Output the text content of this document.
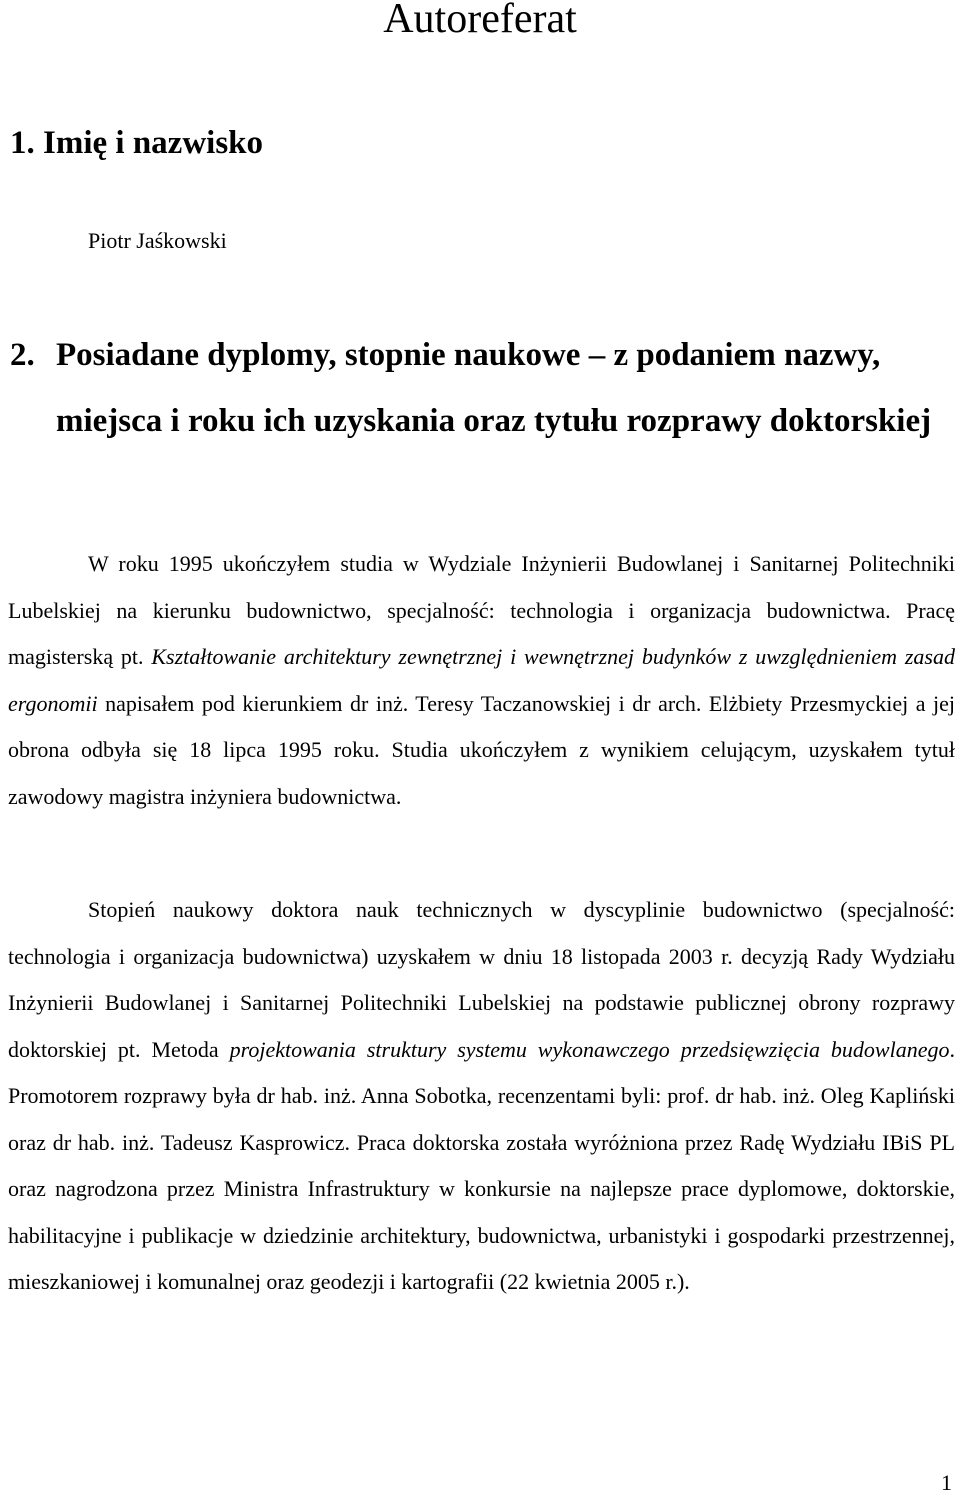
Autoreferat
1. Imię i nazwisko
Piotr Jaśkowski
2. Posiadane dyplomy, stopnie naukowe – z podaniem nazwy, miejsca i roku ich uzyskania oraz tytułu rozprawy doktorskiej

W roku 1995 ukończyłem studia w Wydziale Inżynierii Budowlanej i Sanitarnej Politechniki Lubelskiej na kierunku budownictwo, specjalność: technologia i organizacja budownictwa. Pracę magisterską pt. Kształtowanie architektury zewnętrznej i wewnętrznej budynków z uwzględnieniem zasad ergonomii napisałem pod kierunkiem dr inż. Teresy Taczanowskiej i dr arch. Elżbiety Przesmyckiej a jej obrona odbyła się 18 lipca 1995 roku. Studia ukończyłem z wynikiem celującym, uzyskałem tytuł zawodowy magistra inżyniera budownictwa.

Stopień naukowy doktora nauk technicznych w dyscyplinie budownictwo (specjalność: technologia i organizacja budownictwa) uzyskałem w dniu 18 listopada 2003 r. decyzją Rady Wydziału Inżynierii Budowlanej i Sanitarnej Politechniki Lubelskiej na podstawie publicznej obrony rozprawy doktorskiej pt. Metoda projektowania struktury systemu wykonawczego przedsięwzięcia budowlanego. Promotorem rozprawy była dr hab. inż. Anna Sobotka, recenzentami byli: prof. dr hab. inż. Oleg Kapliński oraz dr hab. inż. Tadeusz Kasprowicz. Praca doktorska została wyróżniona przez Radę Wydziału IBiS PL oraz nagrodzona przez Ministra Infrastruktury w konkursie na najlepsze prace dyplomowe, doktorskie, habilitacyjne i publikacje w dziedzinie architektury, budownictwa, urbanistyki i gospodarki przestrzennej, mieszkaniowej i komunalnej oraz geodezji i kartografii (22 kwietnia 2005 r.).

1
